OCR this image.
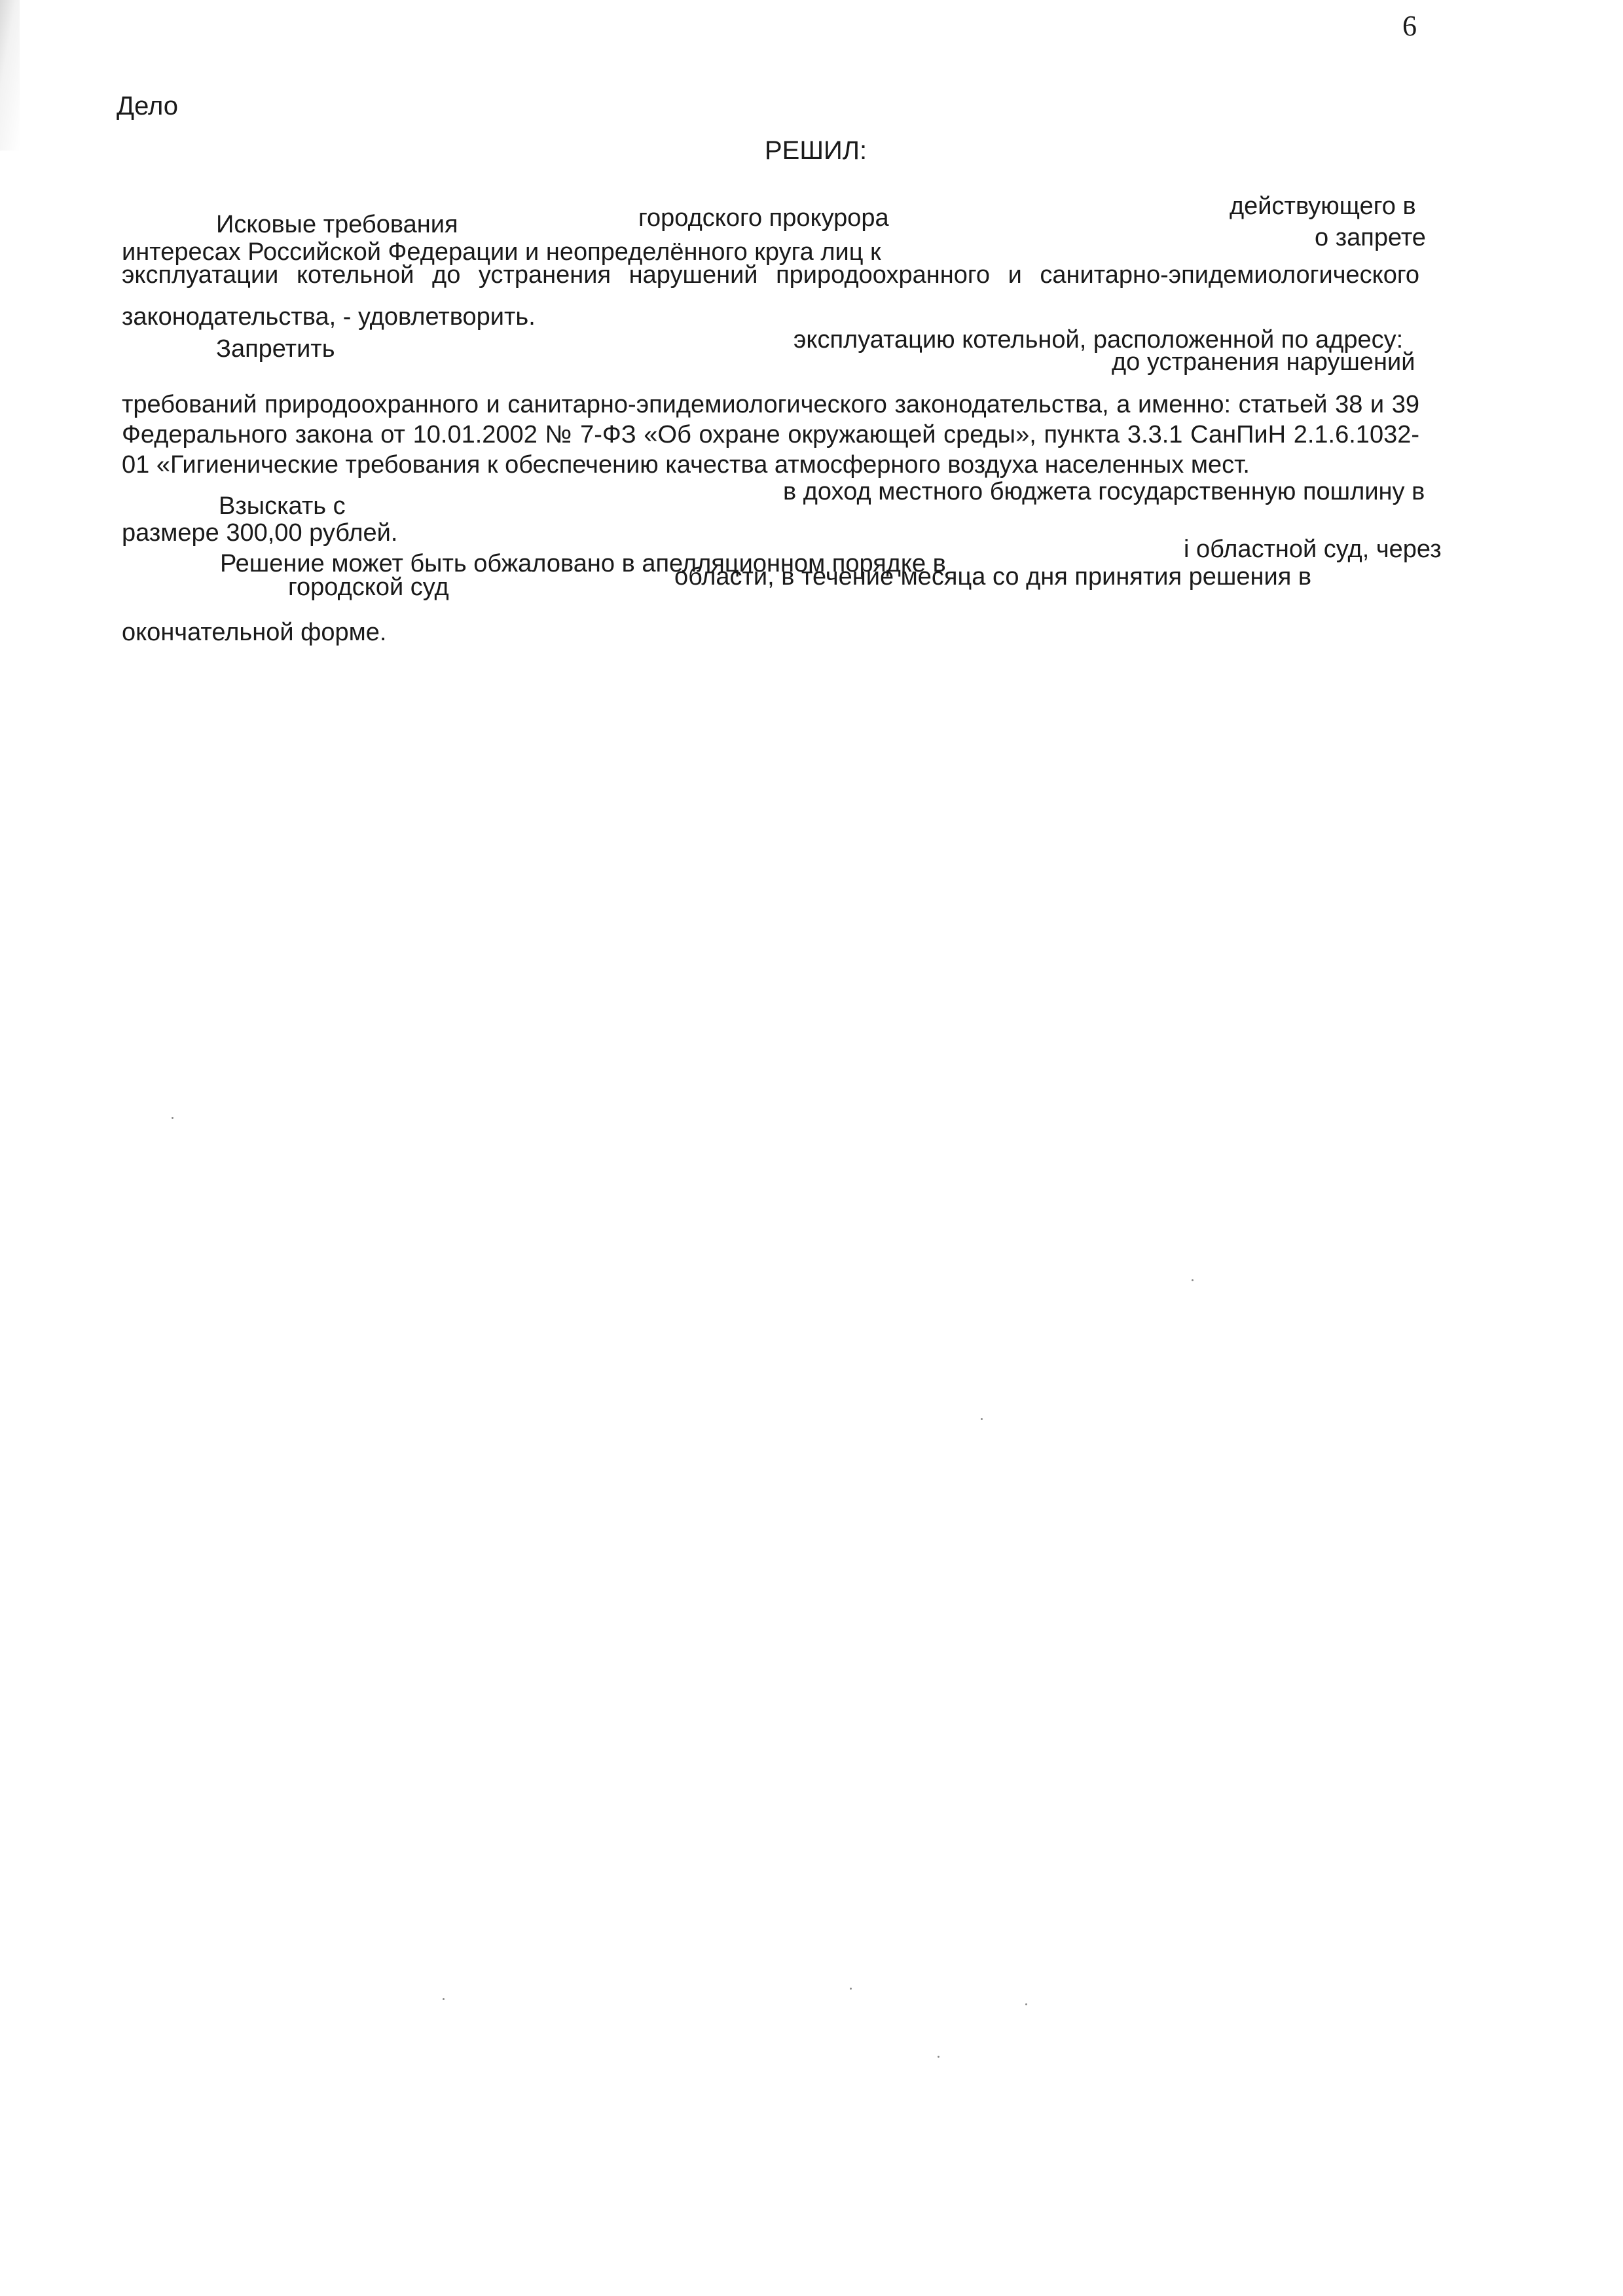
6
Дело
РЕШИЛ:
Исковые требования	городского прокурора	действующего в
интересах Российской Федерации и неопределённого круга лиц к
о запрете
эксплуатации котельной до устранения нарушений природоохранного и санитарно-эпидемиологического
законодательства, - удовлетворить.
Запретить	эксплуатацию котельной, расположенной по адресу:
до устранения нарушений
требований природоохранного и санитарно-эпидемиологического законодательства, а именно: статьей 38 и 39
Федерального закона от 10.01.2002 № 7-ФЗ «Об охране окружающей среды», пункта 3.3.1 СанПиН 2.1.6.1032-
01 «Гигиенические требования к обеспечению качества атмосферного воздуха населенных мест.
Взыскать с
в доход местного бюджета государственную пошлину в
размере 300,00 рублей.
Решение может быть обжаловано в апелляционном порядке в
і областной суд, через
городской суд	области, в течение месяца со дня принятия решения в
окончательной форме.
